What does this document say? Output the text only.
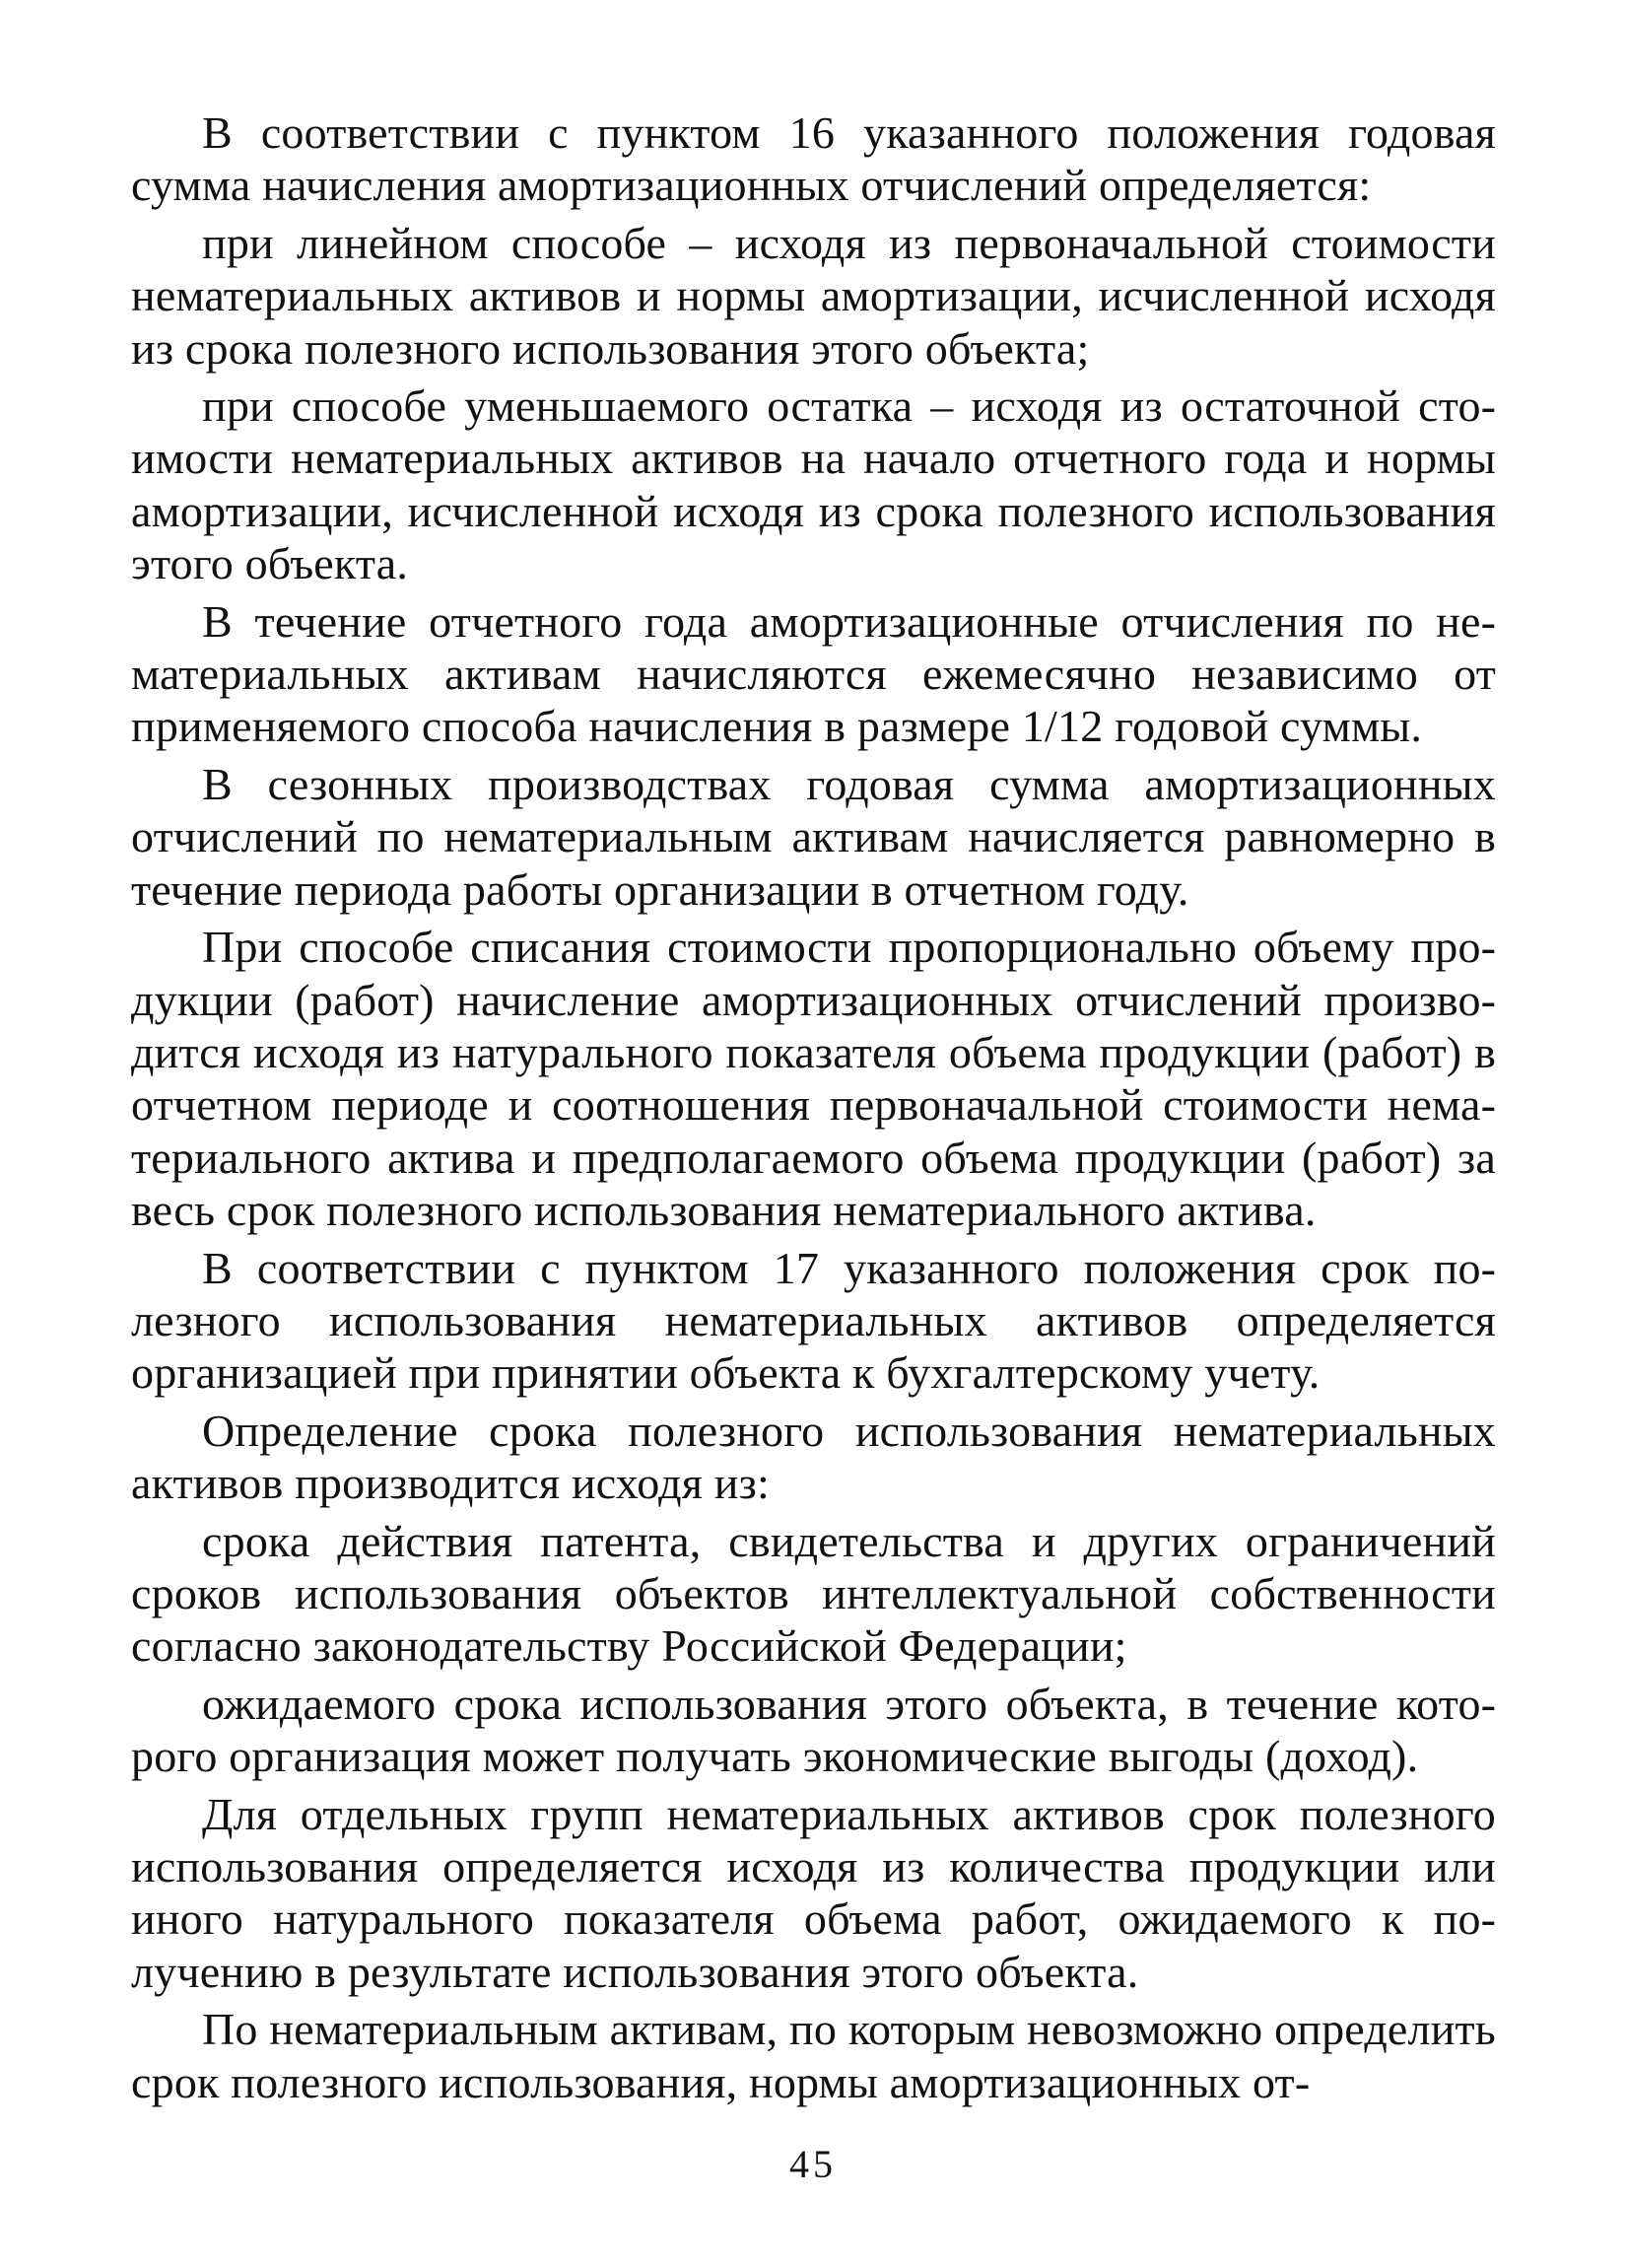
В соответствии с пунктом 16 указанного положения годовая сумма начисления амортизационных отчислений определяется:

при линейном способе – исходя из первоначальной стоимости нематериальных активов и нормы амортизации, исчисленной исходя из срока полезного использования этого объекта;

при способе уменьшаемого остатка – исходя из остаточной стоимости нематериальных активов на начало отчетного года и нормы амортизации, исчисленной исходя из срока полезного использования этого объекта.

В течение отчетного года амортизационные отчисления по нематериальных активам начисляются ежемесячно независимо от применяемого способа начисления в размере 1/12 годовой суммы.

В сезонных производствах годовая сумма амортизационных отчислений по нематериальным активам начисляется равномерно в течение периода работы организации в отчетном году.

При способе списания стоимости пропорционально объему продукции (работ) начисление амортизационных отчислений производится исходя из натурального показателя объема продукции (работ) в отчетном периоде и соотношения первоначальной стоимости нематериального актива и предполагаемого объема продукции (работ) за весь срок полезного использования нематериального актива.

В соответствии с пунктом 17 указанного положения срок полезного использования нематериальных активов определяется организацией при принятии объекта к бухгалтерскому учету.

Определение срока полезного использования нематериальных активов производится исходя из:

срока действия патента, свидетельства и других ограничений сроков использования объектов интеллектуальной собственности согласно законодательству Российской Федерации;

ожидаемого срока использования этого объекта, в течение которого организация может получать экономические выгоды (доход).

Для отдельных групп нематериальных активов срок полезного использования определяется исходя из количества продукции или иного натурального показателя объема работ, ожидаемого к получению в результате использования этого объекта.

По нематериальным активам, по которым невозможно определить срок полезного использования, нормы амортизационных от-

45
